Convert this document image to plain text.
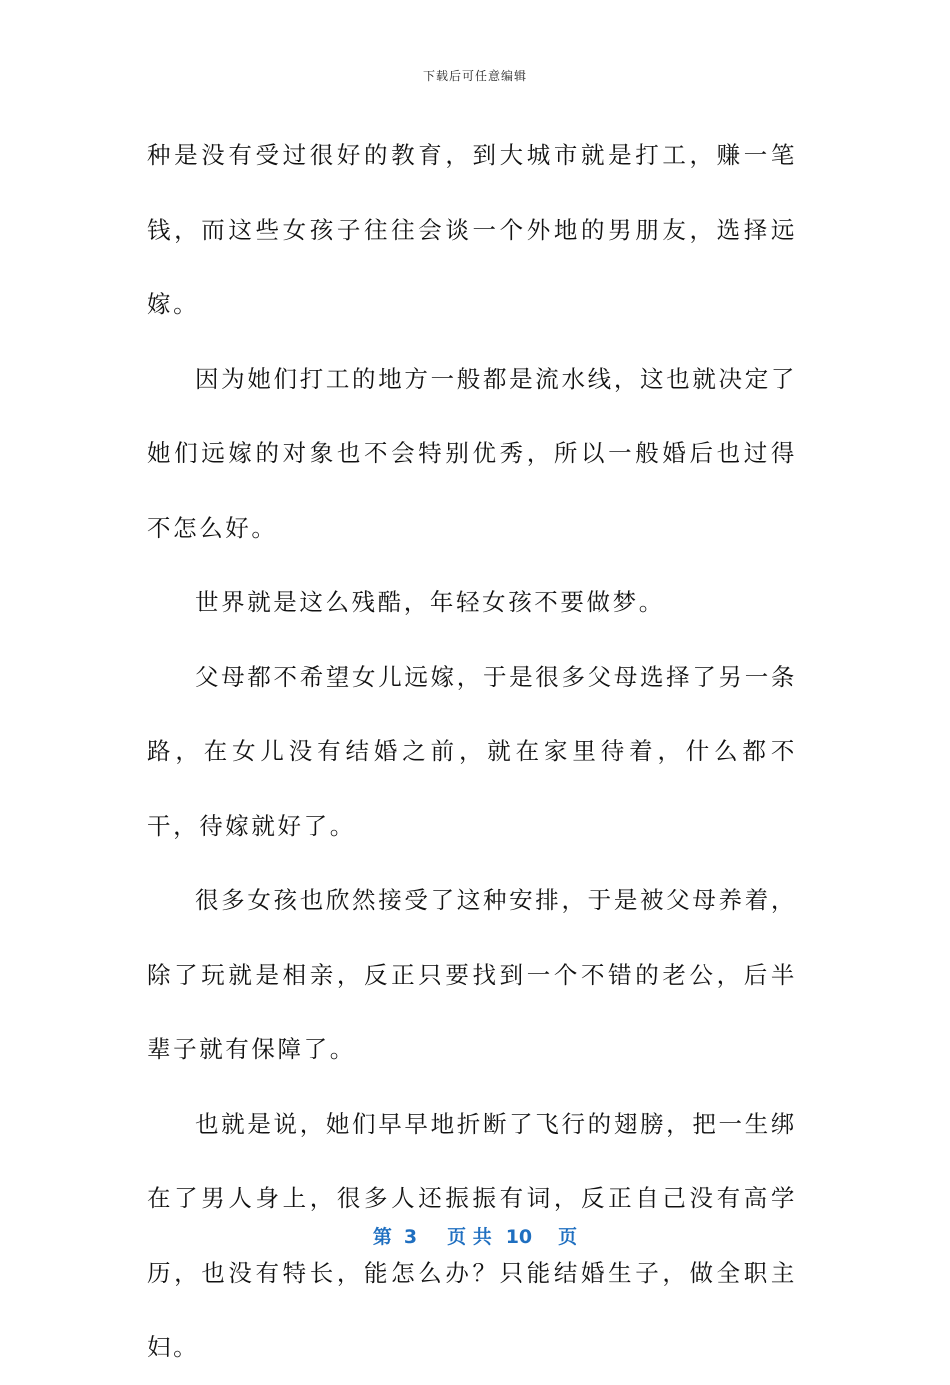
下载后可任意编辑

种是没有受过很好的教育，到大城市就是打工，赚一笔钱，而这些女孩子往往会谈一个外地的男朋友，选择远嫁。

因为她们打工的地方一般都是流水线，这也就决定了她们远嫁的对象也不会特别优秀，所以一般婚后也过得不怎么好。

世界就是这么残酷，年轻女孩不要做梦。

父母都不希望女儿远嫁，于是很多父母选择了另一条路，在女儿没有结婚之前，就在家里待着，什么都不干，待嫁就好了。

很多女孩也欣然接受了这种安排，于是被父母养着，除了玩就是相亲，反正只要找到一个不错的老公，后半辈子就有保障了。

也就是说，她们早早地折断了飞行的翅膀，把一生绑在了男人身上，很多人还振振有词，反正自己没有高学历，也没有特长，能怎么办？只能结婚生子，做全职主妇。

第 3 页 共 10 页
